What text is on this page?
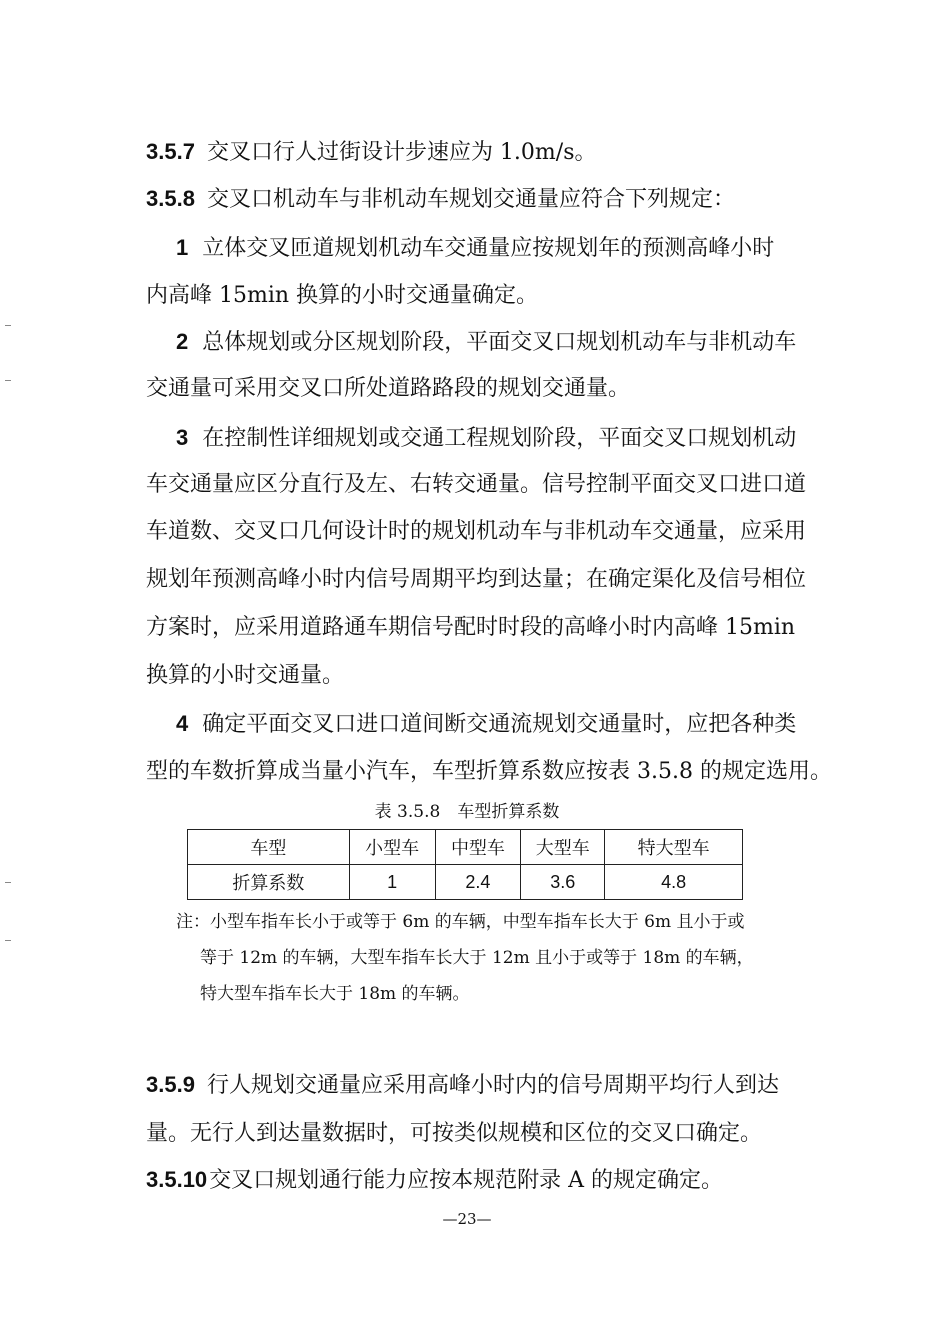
3.5.7 交叉口行人过街设计步速应为 1.0m/s。
3.5.8 交叉口机动车与非机动车规划交通量应符合下列规定：
1 立体交叉匝道规划机动车交通量应按规划年的预测高峰小时
内高峰 15min 换算的小时交通量确定。
2 总体规划或分区规划阶段，平面交叉口规划机动车与非机动车
交通量可采用交叉口所处道路路段的规划交通量。
3 在控制性详细规划或交通工程规划阶段，平面交叉口规划机动
车交通量应区分直行及左、右转交通量。信号控制平面交叉口进口道
车道数、交叉口几何设计时的规划机动车与非机动车交通量，应采用
规划年预测高峰小时内信号周期平均到达量；在确定渠化及信号相位
方案时，应采用道路通车期信号配时时段的高峰小时内高峰 15min
换算的小时交通量。
4 确定平面交叉口进口道间断交通流规划交通量时，应把各种类
型的车数折算成当量小汽车，车型折算系数应按表 3.5.8 的规定选用。
表 3.5.8　车型折算系数
车型	小型车	中型车	大型车	特大型车
折算系数	1	2.4	3.6	4.8
注：小型车指车长小于或等于 6m 的车辆，中型车指车长大于 6m 且小于或
等于 12m 的车辆，大型车指车长大于 12m 且小于或等于 18m 的车辆，
特大型车指车长大于 18m 的车辆。
3.5.9 行人规划交通量应采用高峰小时内的信号周期平均行人到达
量。无行人到达量数据时，可按类似规模和区位的交叉口确定。
3.5.10交叉口规划通行能力应按本规范附录 A 的规定确定。
—23—
